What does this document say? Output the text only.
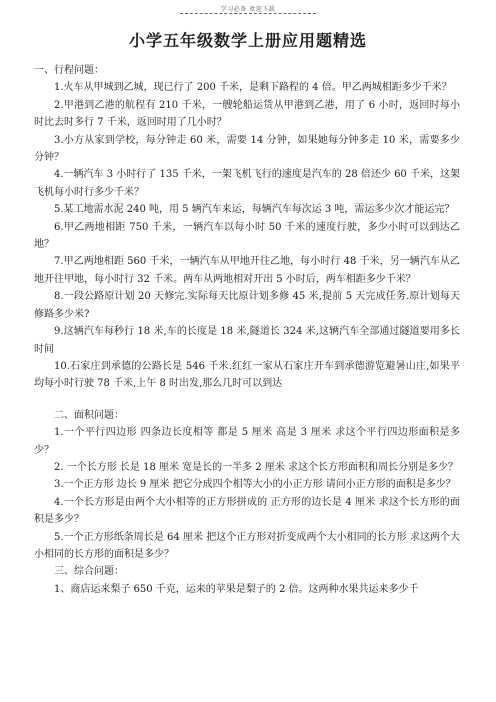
学习必备 欢迎下载
小学五年级数学上册应用题精选

一、行程问题：

1.火车从甲城到乙城，现已行了 200 千米，是剩下路程的 4 倍。甲乙两城相距多少千米？

2.甲港到乙港的航程有 210 千米，一艘轮船运货从甲港到乙港，用了 6 小时，返回时每小时比去时多行 7 千米，返回时用了几小时？

3.小方从家到学校，每分钟走 60 米，需要 14 分钟，如果她每分钟多走 10 米，需要多少分钟？

4.一辆汽车 3 小时行了 135 千米，一架飞机飞行的速度是汽车的 28 倍还少 60 千米，这架飞机每小时行多少千米？

5.某工地需水泥 240 吨，用 5 辆汽车来运，每辆汽车每次运 3 吨，需运多少次才能运完？

6.甲乙两地相距 750 千米，一辆汽车以每小时 50 千米的速度行驶，多少小时可以到达乙地？

7.甲乙两地相距 560 千米，一辆汽车从甲地开往乙地，每小时行 48 千米，另一辆汽车从乙地开往甲地，每小时行 32 千米。两车从两地相对开出 5 小时后，两车相距多少千米？

8.一段公路原计划 20 天修完.实际每天比原计划多修 45 米,提前 5 天完成任务.原计划每天修路多少米?

9.这辆汽车每秒行 18 米,车的长度是 18 米,隧道长 324 米,这辆汽车全部通过隧道要用多长时间

10.石家庄到承德的公路长是 546 千米.红红一家从石家庄开车到承德游览避暑山庄,如果平均每小时行驶 78 千米,上午 8 时出发,那么几时可以到达

二、面积问题：

1.一个平行四边形 四条边长度相等 都是 5 厘米 高是 3 厘米 求这个平行四边形面积是多少？

2. 一个长方形 长是 18 厘米 宽是长的一半多 2 厘米 求这个长方形面积和周长分别是多少？

3.一个正方形 边长 9 厘米 把它分成四个相等大小的小正方形 请问小正方形的面积是多少？

4.一个长方形是由两个大小相等的正方形拼成的 正方形的边长是 4 厘米 求这个长方形的面积是多少？

5.一个正方形纸条周长是 64 厘米 把这个正方形对折变成两个大小相同的长方形 求这两个大小相同的长方形的面积是多少？

三、综合问题：

1、商店运来梨子 650 千克，运来的苹果是梨子的 2 倍。这两种水果共运来多少千
